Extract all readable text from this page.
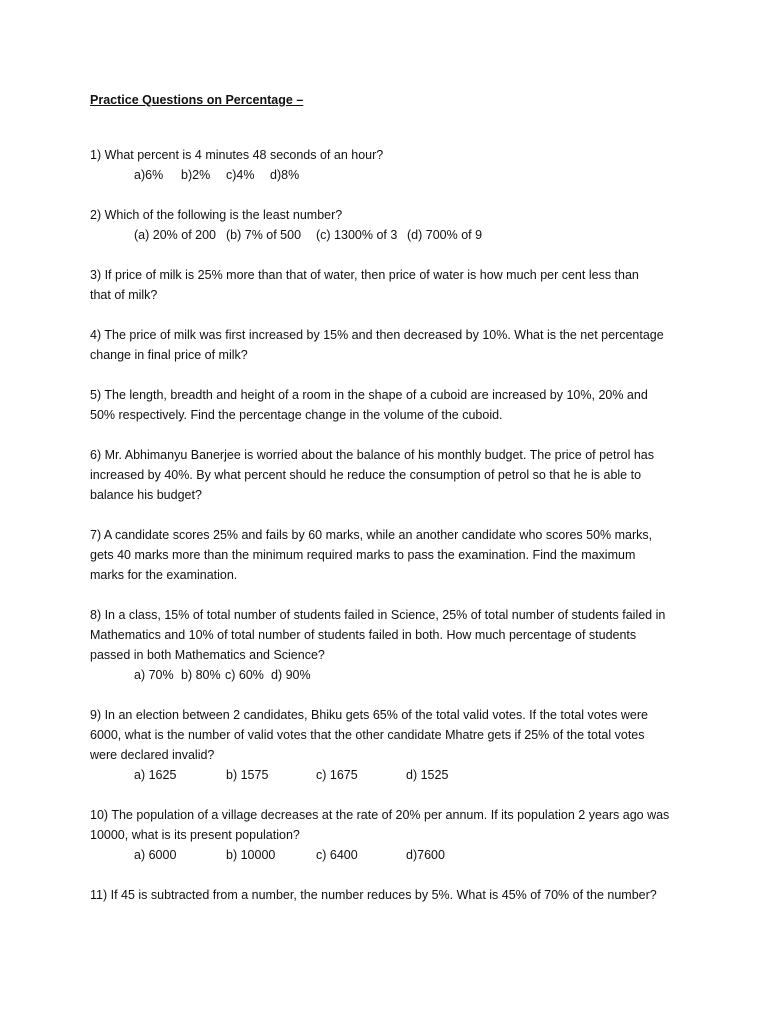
Practice Questions on Percentage –
1) What percent is 4 minutes 48 seconds of an hour?
a)6% b)2% c)4% d)8%
2) Which of the following is the least number?
(a) 20% of 200 (b) 7% of 500 (c) 1300% of 3 (d) 700% of 9
3) If price of milk is 25% more than that of water, then price of water is how much per cent less than
that of milk?
4) The price of milk was first increased by 15% and then decreased by 10%. What is the net percentage
change in final price of milk?
5) The length, breadth and height of a room in the shape of a cuboid are increased by 10%, 20% and
50% respectively. Find the percentage change in the volume of the cuboid.
6) Mr. Abhimanyu Banerjee is worried about the balance of his monthly budget. The price of petrol has
increased by 40%. By what percent should he reduce the consumption of petrol so that he is able to
balance his budget?
7) A candidate scores 25% and fails by 60 marks, while an another candidate who scores 50% marks,
gets 40 marks more than the minimum required marks to pass the examination. Find the maximum
marks for the examination.
8) In a class, 15% of total number of students failed in Science, 25% of total number of students failed in
Mathematics and 10% of total number of students failed in both. How much percentage of students
passed in both Mathematics and Science?
a) 70% b) 80% c) 60% d) 90%
9) In an election between 2 candidates, Bhiku gets 65% of the total valid votes. If the total votes were
6000, what is the number of valid votes that the other candidate Mhatre gets if 25% of the total votes
were declared invalid?
a) 1625	b) 1575	c) 1675	d) 1525
10) The population of a village decreases at the rate of 20% per annum. If its population 2 years ago was
10000, what is its present population?
a) 6000	b) 10000	c) 6400	d)7600
11) If 45 is subtracted from a number, the number reduces by 5%. What is 45% of 70% of the number?
